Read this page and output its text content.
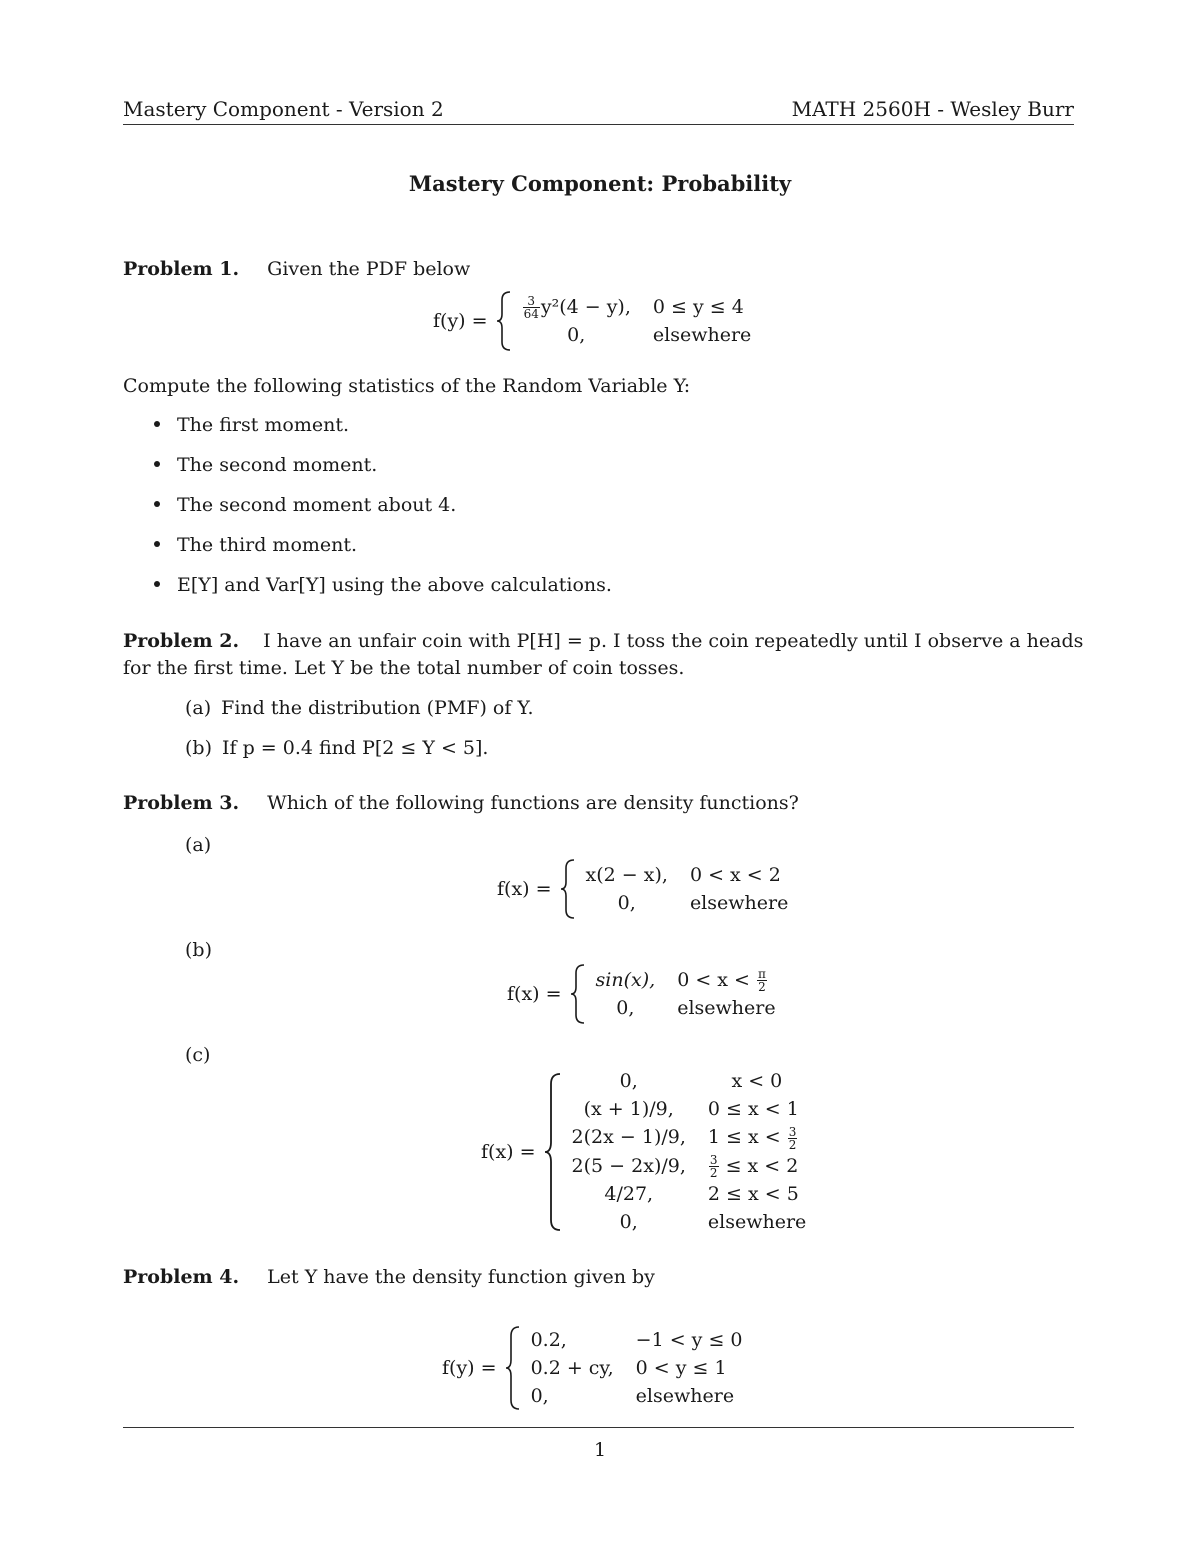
Mastery Component - Version 2	MATH 2560H - Wesley Burr
Mastery Component: Probability
Problem 1. Given the PDF below
f(y) =
$\frac{3}{64} y^2(4 - y)$,	0 ≤ y ≤ 4
0,	elsewhere
Compute the following statistics of the Random Variable Y:
The first moment.
The second moment.
The second moment about 4.
The third moment.
E[Y] and Var[Y] using the above calculations.
Problem 2. I have an unfair coin with P[H] = p. I toss the coin repeatedly until I observe a heads
for the first time. Let Y be the total number of coin tosses.
(a) Find the distribution (PMF) of Y.
(b) If p = 0.4 find P[2 ≤ Y < 5].
Problem 3. Which of the following functions are density functions?
(a)
f(x) =
x(2 − x),	0 < x < 2
0,	elsewhere
(b)
f(x) =
sin(x),	$0 < x < \frac{\pi}{2}$

0,	elsewhere
(c)
f(x) =
0,	x < 0
(x + 1)/9,	0 ≤ x < 1
2(2x − 1)/9,	$1 \le x < \frac{3}{2}$

2(5 − 2x)/9,	$\frac{3}{2} \le x < 2$
4/27,	2 ≤ x < 5
0,	elsewhere
Problem 4. Let Y have the density function given by
f(y) =
0.2,	−1 < y ≤ 0
0.2 + cy,	0 < y ≤ 1
0,	elsewhere
1
